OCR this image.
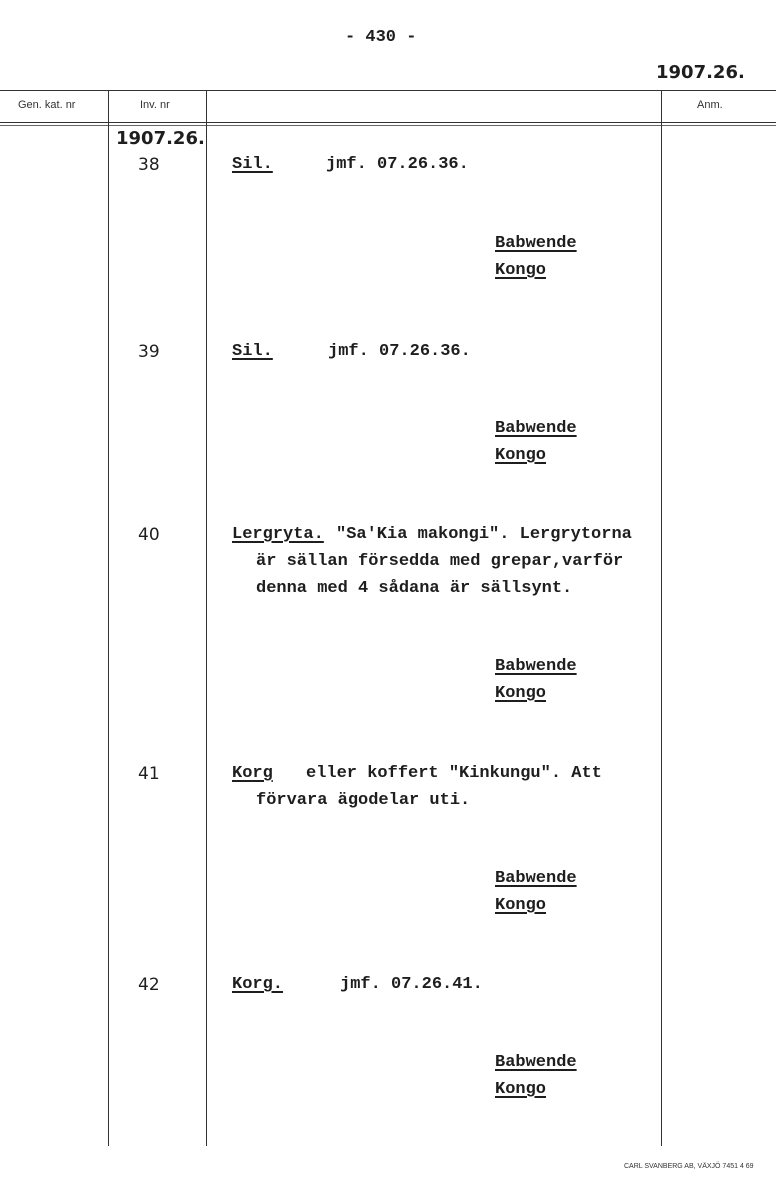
- 430 -
1907.26.
Gen. kat. nr	Inv. nr	Anm.
1907.26.
38	Sil.	jmf. 07.26.36.
Babwende
Kongo
39	Sil.	jmf. 07.26.36.
Babwende
Kongo
40	Lergryta. "Sa'Kia makongi". Lergrytorna
är sällan försedda med grepar,varför
denna med 4 sådana är sällsynt.
Babwende
Kongo
41	Korg eller koffert "Kinkungu". Att
förvara ägodelar uti.
Babwende
Kongo
42	Korg.	jmf. 07.26.41.
Babwende
Kongo
CARL SVANBERG AB, VÄXJÖ 7451 4 69
